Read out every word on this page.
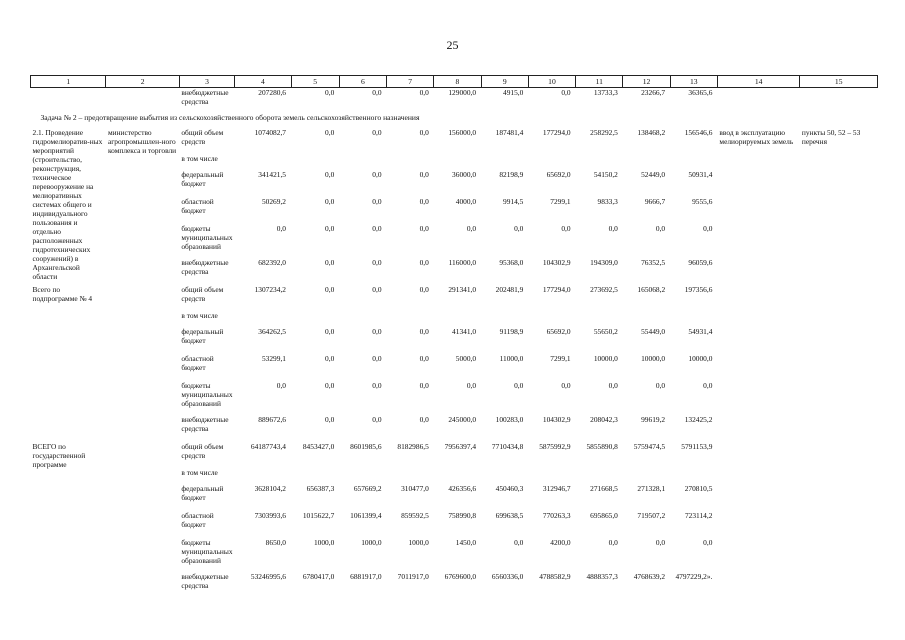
25
1	2	3	4	5	6	7	8	9	10	11	12	13	14	15
		внебюджетные средства	207280,6	0,0	0,0	0,0	129000,0	4915,0	0,0	13733,3	23266,7	36365,6		
Задача № 2 – предотвращение выбытия из сельскохозяйственного оборота земель сельскохозяйственного назначения														
2.1. Проведение гидромелиоратив-ных мероприятий (строительство, реконструкция, техническое перевооружение на мелиоративных системах общего и индивидуального пользования и отдельно расположенных гидротехнических сооружений) в Архангельской области	министерство агропромышлен-ного комплекса и торговли	общий объем средств	1074082,7	0,0	0,0	0,0	156000,0	187481,4	177294,0	258292,5	138468,2	156546,6	ввод в эксплуатацию мелиорируемых земель	пункты 50, 52 – 53 перечня
		в том числе												
		федеральный бюджет	341421,5	0,0	0,0	0,0	36000,0	82198,9	65692,0	54150,2	52449,0	50931,4		
		областной бюджет	50269,2	0,0	0,0	0,0	4000,0	9914,5	7299,1	9833,3	9666,7	9555,6		
		бюджеты муниципальных образований	0,0	0,0	0,0	0,0	0,0	0,0	0,0	0,0	0,0	0,0		
		внебюджетные средства	682392,0	0,0	0,0	0,0	116000,0	95368,0	104302,9	194309,0	76352,5	96059,6		
Всего по подпрограмме № 4		общий объем средств	1307234,2	0,0	0,0	0,0	291341,0	202481,9	177294,0	273692,5	165068,2	197356,6		
		в том числе												
		федеральный бюджет	364262,5	0,0	0,0	0,0	41341,0	91198,9	65692,0	55650,2	55449,0	54931,4		
		областной бюджет	53299,1	0,0	0,0	0,0	5000,0	11000,0	7299,1	10000,0	10000,0	10000,0		
		бюджеты муниципальных образований	0,0	0,0	0,0	0,0	0,0	0,0	0,0	0,0	0,0	0,0		
		внебюджетные средства	889672,6	0,0	0,0	0,0	245000,0	100283,0	104302,9	208042,3	99619,2	132425,2		
ВСЕГО по государственной программе		общий объем средств	64187743,4	8453427,0	8601985,6	8182986,5	7956397,4	7710434,8	5875992,9	5855890,8	5759474,5	5791153,9		
		в том числе												
		федеральный бюджет	3628104,2	656387,3	657669,2	310477,0	426356,6	450460,3	312946,7	271668,5	271328,1	270810,5		
		областной бюджет	7303993,6	1015622,7	1061399,4	859592,5	758990,8	699638,5	770263,3	695865,0	719507,2	723114,2		
		бюджеты муниципальных образований	8650,0	1000,0	1000,0	1000,0	1450,0	0,0	4200,0	0,0	0,0	0,0		
		внебюджетные средства	53246995,6	6780417,0	6881917,0	7011917,0	6769600,0	6560336,0	4788582,9	4888357,3	4768639,2	4797229,2».		
